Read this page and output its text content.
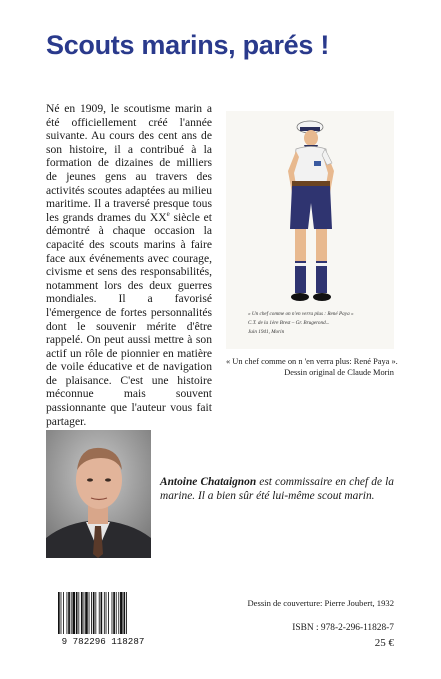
Scouts marins, parés !

Né en 1909, le scoutisme marin a été officiellement créé l'année suivante. Au cours des cent ans de son histoire, il a contribué à la formation de dizaines de milliers de jeunes gens au travers des activités scoutes adaptées au milieu maritime. Il a traversé presque tous les grands drames du XXe siècle et démontré à chaque occasion la capacité des scouts marins à faire face aux événements avec courage, civisme et sens des responsabilités, notamment lors des deux guerres mondiales. Il a favorisé l'émergence de fortes personnalités dont le souvenir mérite d'être rappelé. On peut aussi mettre à son actif un rôle de pionnier en matière de voile éducative et de navigation de plaisance. C'est une histoire méconnue mais souvent passionnante que l'auteur vous fait partager.

« Un chef comme on n'en verra plus : René Paya »
C.T. de la 1ère Brest – Gr. Brugerond...
Juin 1941, Morin
« Un chef comme on n 'en verra plus: René Paya ».
Dessin original de Claude Morin

Antoine Chataignon est commissaire en chef de la marine. Il a bien sûr été lui-même scout marin.

9 782296 118287
Dessin de couverture: Pierre Joubert, 1932
ISBN : 978-2-296-11828-7
25 €
